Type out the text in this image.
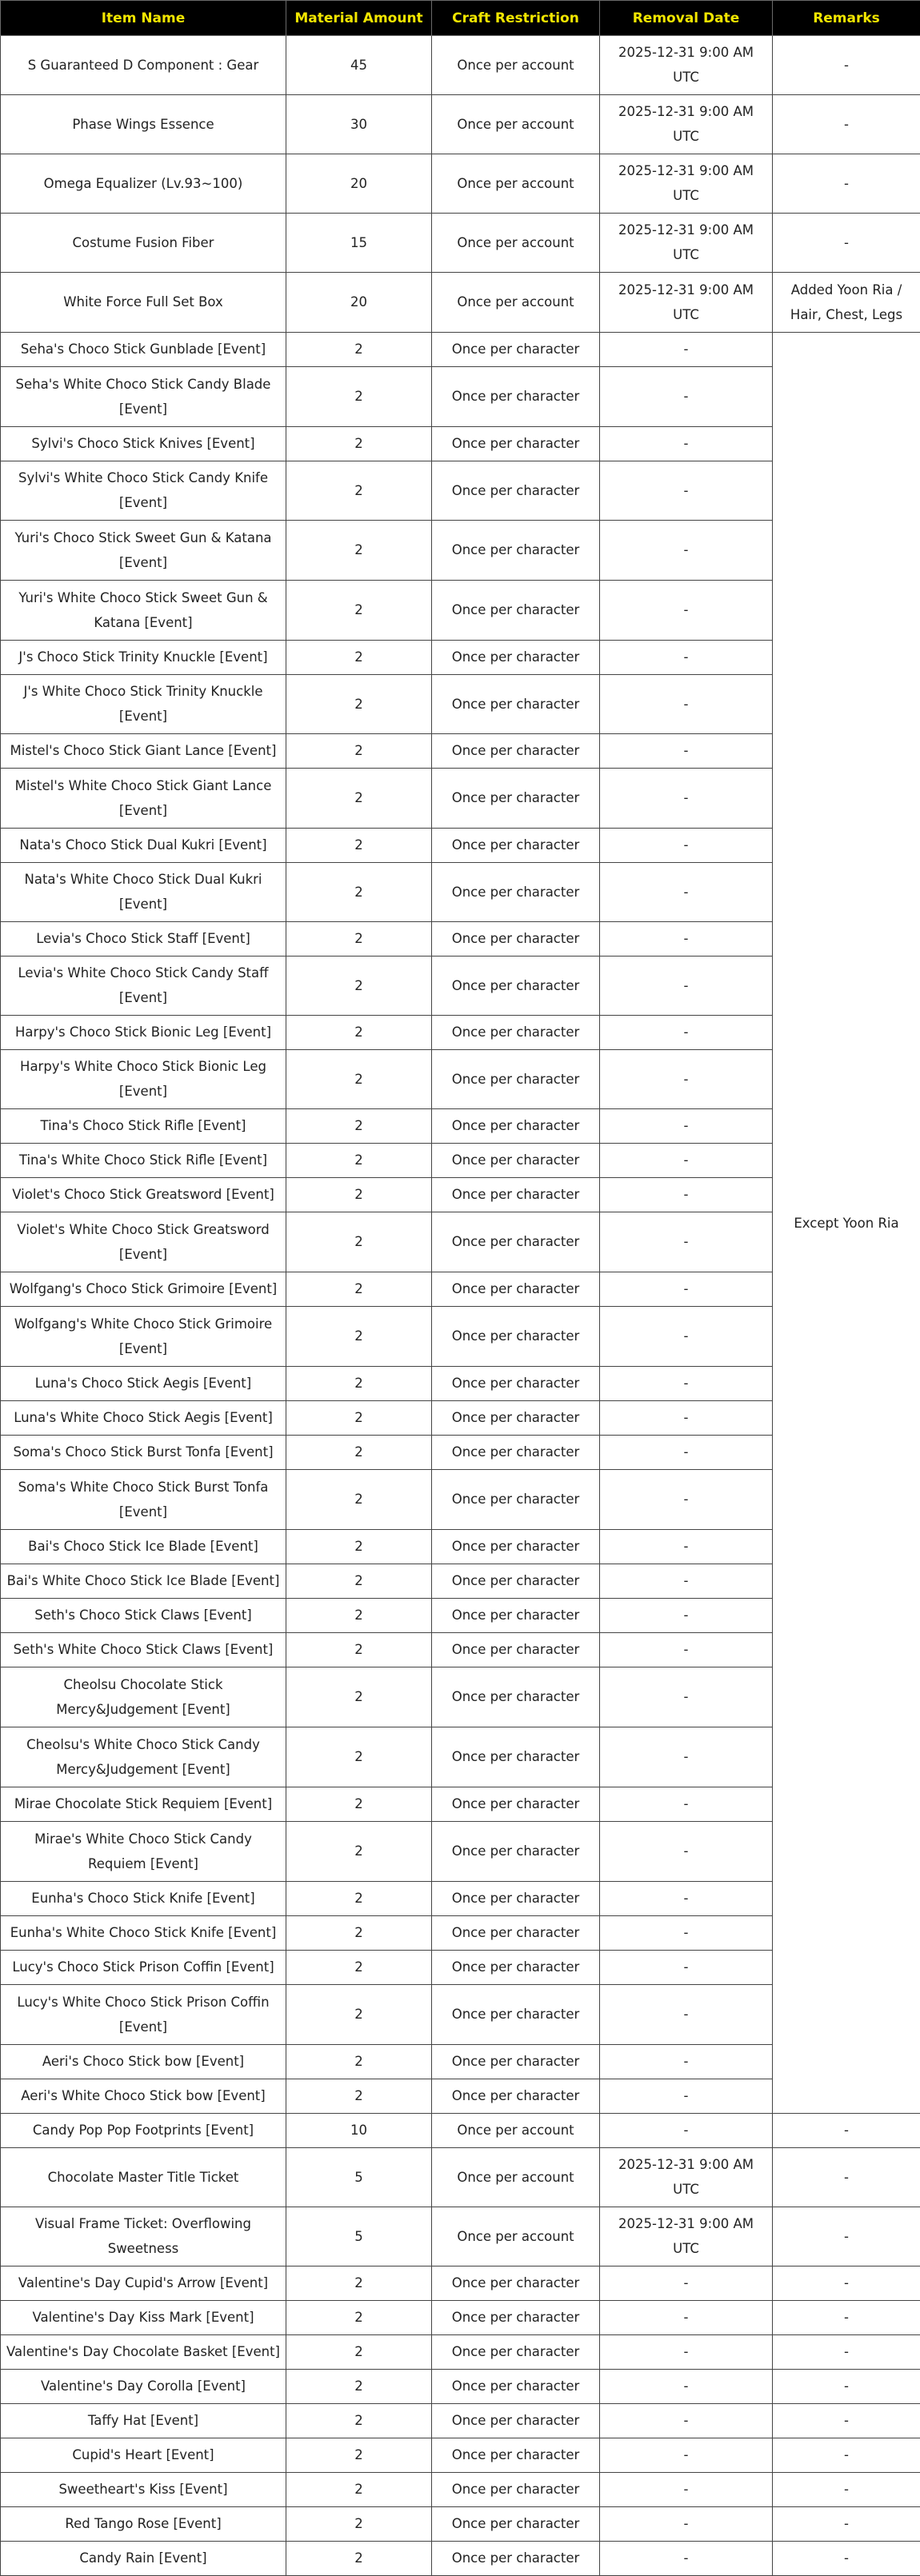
Item Name	Material Amount	Craft Restriction	Removal Date	Remarks
S Guaranteed D Component : Gear	45	Once per account	2025-12-31 9:00 AM UTC	-
Phase Wings Essence	30	Once per account	2025-12-31 9:00 AM UTC	-
Omega Equalizer (Lv.93~100)	20	Once per account	2025-12-31 9:00 AM UTC	-
Costume Fusion Fiber	15	Once per account	2025-12-31 9:00 AM UTC	-
White Force Full Set Box	20	Once per account	2025-12-31 9:00 AM UTC	Added Yoon Ria / Hair, Chest, Legs
Seha's Choco Stick Gunblade [Event]	2	Once per character	-	Except Yoon Ria
Seha's White Choco Stick Candy Blade [Event]	2	Once per character	-	
Sylvi's Choco Stick Knives [Event]	2	Once per character	-	
Sylvi's White Choco Stick Candy Knife [Event]	2	Once per character	-	
Yuri's Choco Stick Sweet Gun & Katana [Event]	2	Once per character	-	
Yuri's White Choco Stick Sweet Gun & Katana [Event]	2	Once per character	-	
J's Choco Stick Trinity Knuckle [Event]	2	Once per character	-	
J's White Choco Stick Trinity Knuckle [Event]	2	Once per character	-	
Mistel's Choco Stick Giant Lance [Event]	2	Once per character	-	
Mistel's White Choco Stick Giant Lance [Event]	2	Once per character	-	
Nata's Choco Stick Dual Kukri [Event]	2	Once per character	-	
Nata's White Choco Stick Dual Kukri [Event]	2	Once per character	-	
Levia's Choco Stick Staff [Event]	2	Once per character	-	
Levia's White Choco Stick Candy Staff [Event]	2	Once per character	-	
Harpy's Choco Stick Bionic Leg [Event]	2	Once per character	-	
Harpy's White Choco Stick Bionic Leg [Event]	2	Once per character	-	
Tina's Choco Stick Rifle [Event]	2	Once per character	-	
Tina's White Choco Stick Rifle [Event]	2	Once per character	-	
Violet's Choco Stick Greatsword [Event]	2	Once per character	-	
Violet's White Choco Stick Greatsword [Event]	2	Once per character	-	
Wolfgang's Choco Stick Grimoire [Event]	2	Once per character	-	
Wolfgang's White Choco Stick Grimoire [Event]	2	Once per character	-	
Luna's Choco Stick Aegis [Event]	2	Once per character	-	
Luna's White Choco Stick Aegis [Event]	2	Once per character	-	
Soma's Choco Stick Burst Tonfa [Event]	2	Once per character	-	
Soma's White Choco Stick Burst Tonfa [Event]	2	Once per character	-	
Bai's Choco Stick Ice Blade [Event]	2	Once per character	-	
Bai's White Choco Stick Ice Blade [Event]	2	Once per character	-	
Seth's Choco Stick Claws [Event]	2	Once per character	-	
Seth's White Choco Stick Claws [Event]	2	Once per character	-	
Cheolsu Chocolate Stick Mercy&Judgement [Event]	2	Once per character	-	
Cheolsu's White Choco Stick Candy Mercy&Judgement [Event]	2	Once per character	-	
Mirae Chocolate Stick Requiem [Event]	2	Once per character	-	
Mirae's White Choco Stick Candy Requiem [Event]	2	Once per character	-	
Eunha's Choco Stick Knife [Event]	2	Once per character	-	
Eunha's White Choco Stick Knife [Event]	2	Once per character	-	
Lucy's Choco Stick Prison Coffin [Event]	2	Once per character	-	
Lucy's White Choco Stick Prison Coffin [Event]	2	Once per character	-	
Aeri's Choco Stick bow [Event]	2	Once per character	-	
Aeri's White Choco Stick bow [Event]	2	Once per character	-	
Candy Pop Pop Footprints [Event]	10	Once per account	-	-
Chocolate Master Title Ticket	5	Once per account	2025-12-31 9:00 AM UTC	-
Visual Frame Ticket: Overflowing Sweetness	5	Once per account	2025-12-31 9:00 AM UTC	-
Valentine's Day Cupid's Arrow [Event]	2	Once per character	-	-
Valentine's Day Kiss Mark [Event]	2	Once per character	-	-
Valentine's Day Chocolate Basket [Event]	2	Once per character	-	-
Valentine's Day Corolla [Event]	2	Once per character	-	-
Taffy Hat [Event]	2	Once per character	-	-
Cupid's Heart [Event]	2	Once per character	-	-
Sweetheart's Kiss [Event]	2	Once per character	-	-
Red Tango Rose [Event]	2	Once per character	-	-
Candy Rain [Event]	2	Once per character	-	-
